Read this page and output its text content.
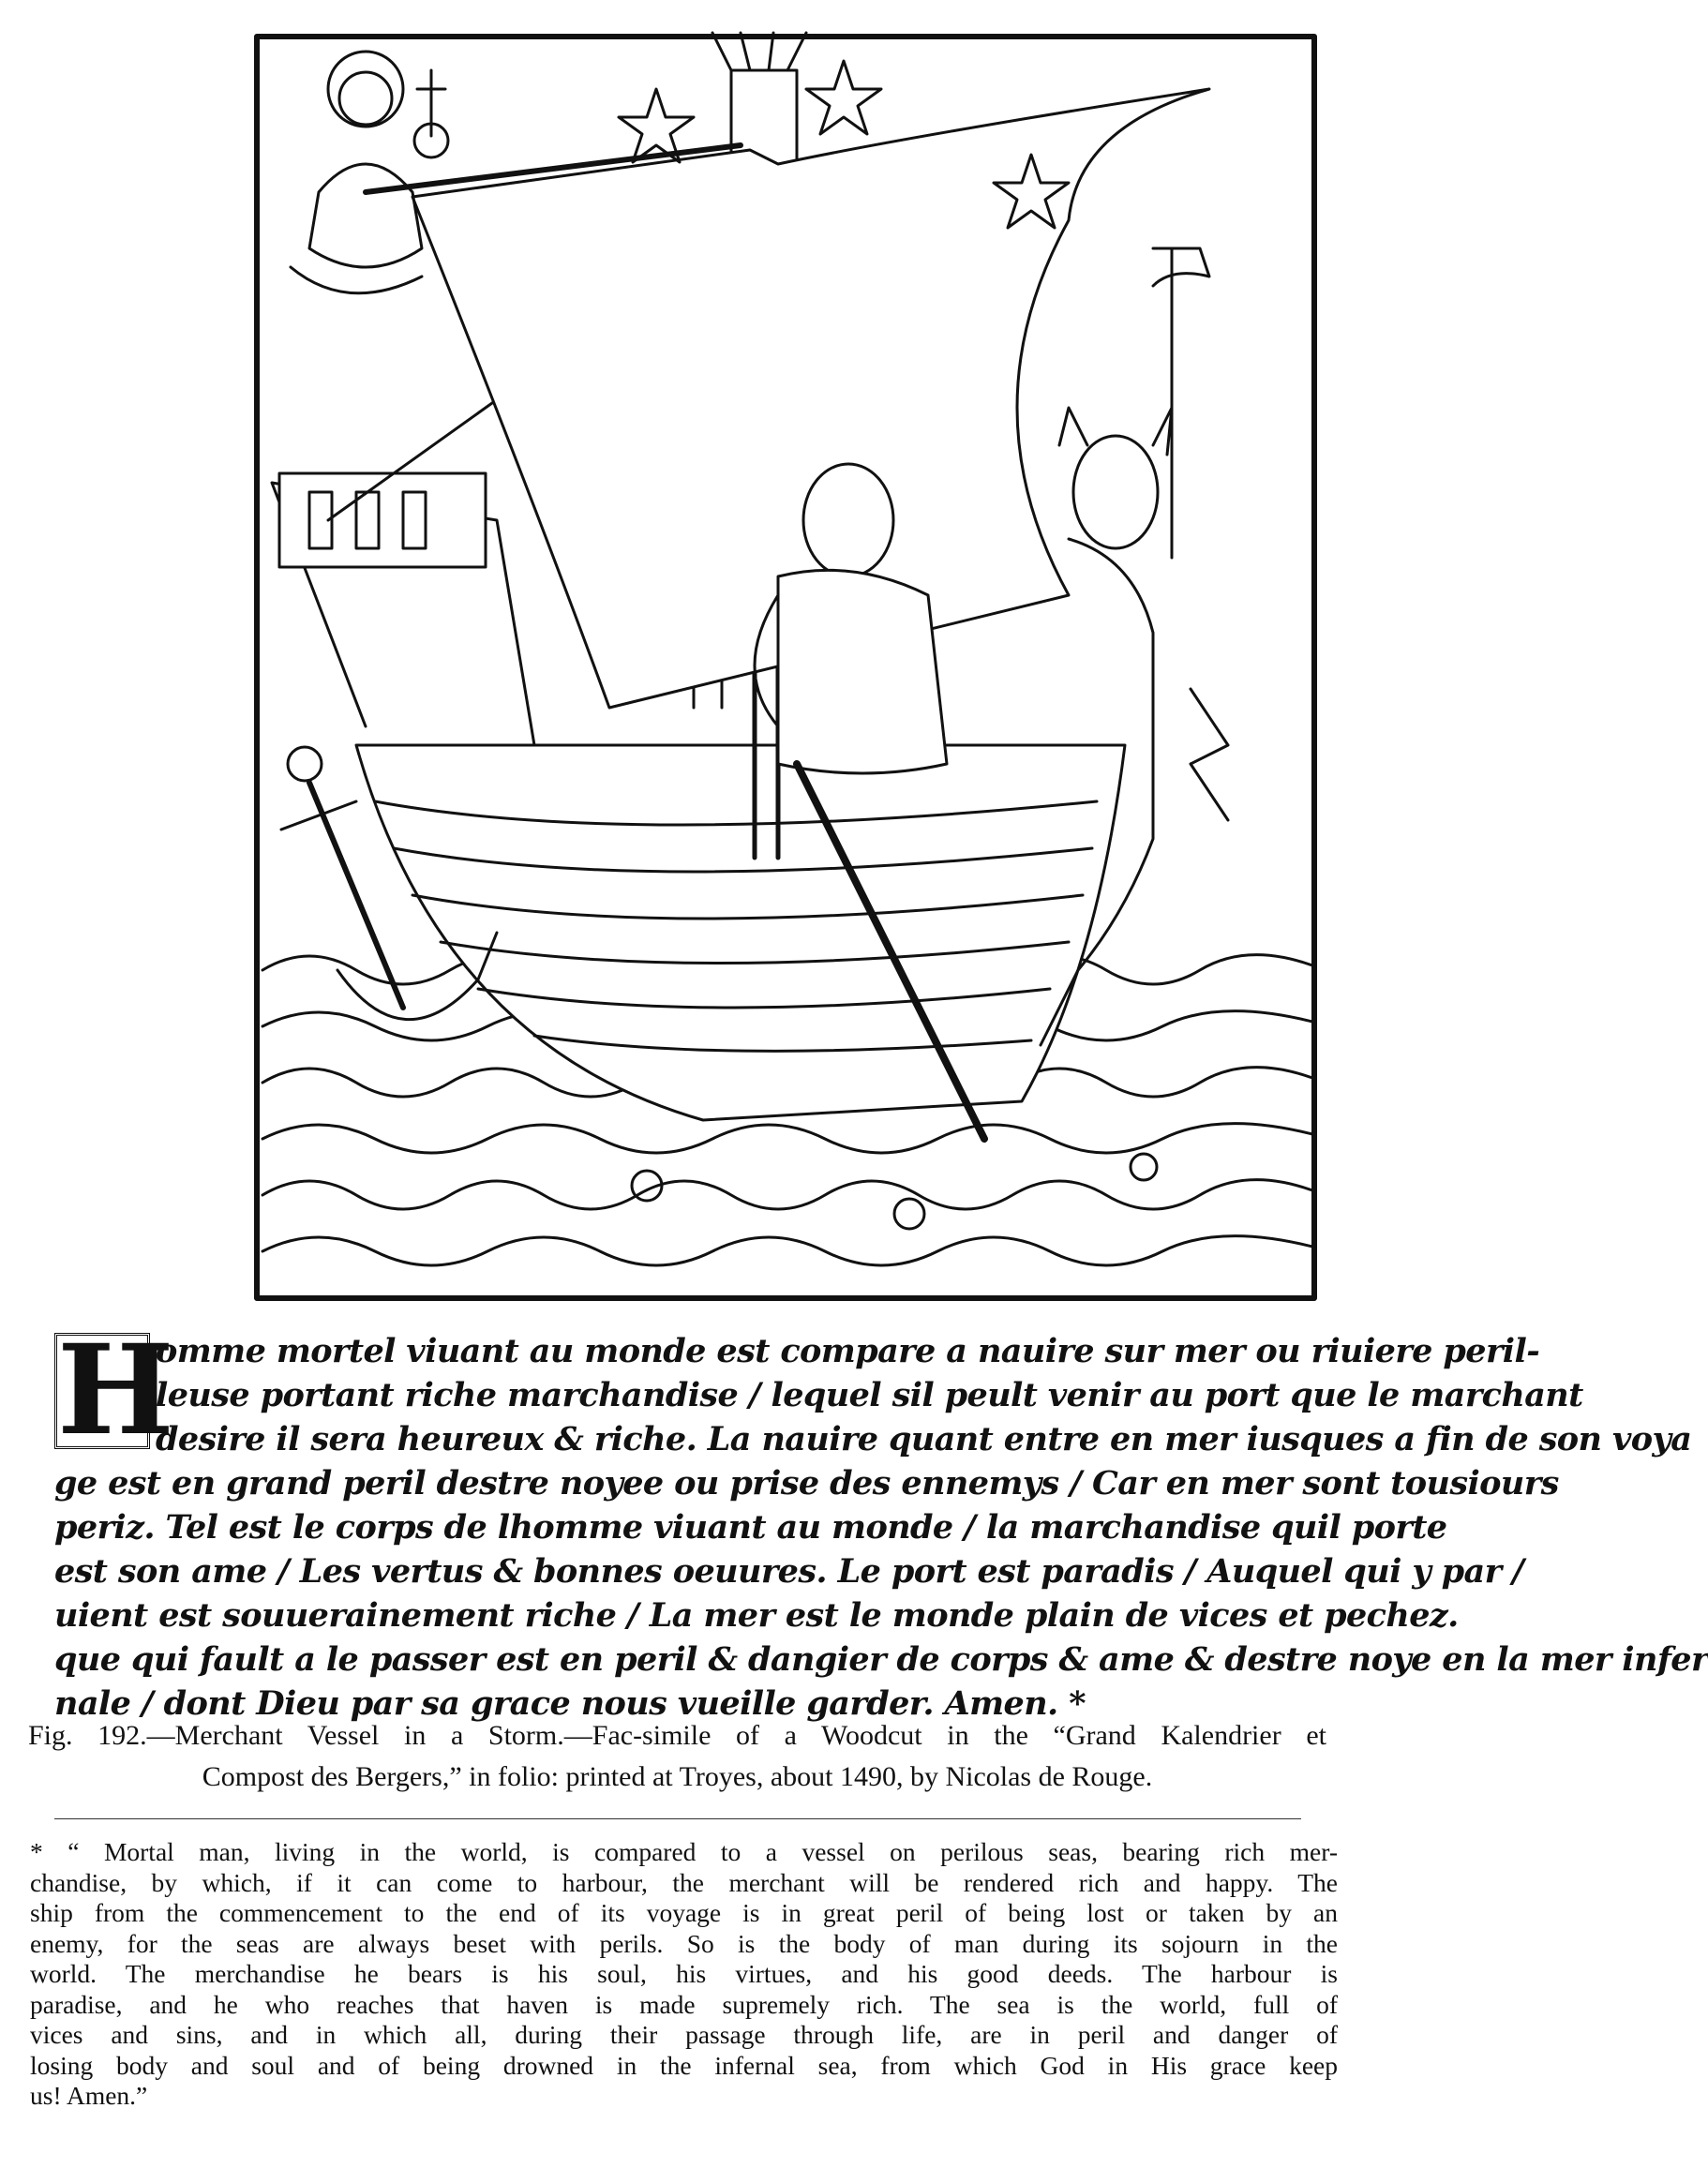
H
omme mortel viuant au monde est compare a nauire sur mer ou riuiere peril-
leuse portant riche marchandise / lequel sil peult venir au port que le marchant
desire il sera heureux & riche. La nauire quant entre en mer iusques a fin de son voya
ge est en grand peril destre noyee ou prise des ennemys / Car en mer sont tousiours
periz. Tel est le corps de lhomme viuant au monde / la marchandise quil porte
est son ame / Les vertus & bonnes oeuures. Le port est paradis / Auquel qui y par /
uient est souuerainement riche / La mer est le monde plain de vices et pechez.
que qui fault a le passer est en peril & dangier de corps & ame & destre noye en la mer infer
nale / dont Dieu par sa grace nous vueille garder. Amen. *
Fig. 192.—Merchant Vessel in a Storm.—Fac-simile of a Woodcut in the “Grand Kalendrier et
Compost des Bergers,” in folio: printed at Troyes, about 1490, by Nicolas de Rouge.
* “ Mortal man, living in the world, is compared to a vessel on perilous seas, bearing rich mer-
chandise, by which, if it can come to harbour, the merchant will be rendered rich and happy. The
ship from the commencement to the end of its voyage is in great peril of being lost or taken by an
enemy, for the seas are always beset with perils. So is the body of man during its sojourn in the
world. The merchandise he bears is his soul, his virtues, and his good deeds. The harbour is
paradise, and he who reaches that haven is made supremely rich. The sea is the world, full of
vices and sins, and in which all, during their passage through life, are in peril and danger of
losing body and soul and of being drowned in the infernal sea, from which God in His grace keep
us! Amen.”
